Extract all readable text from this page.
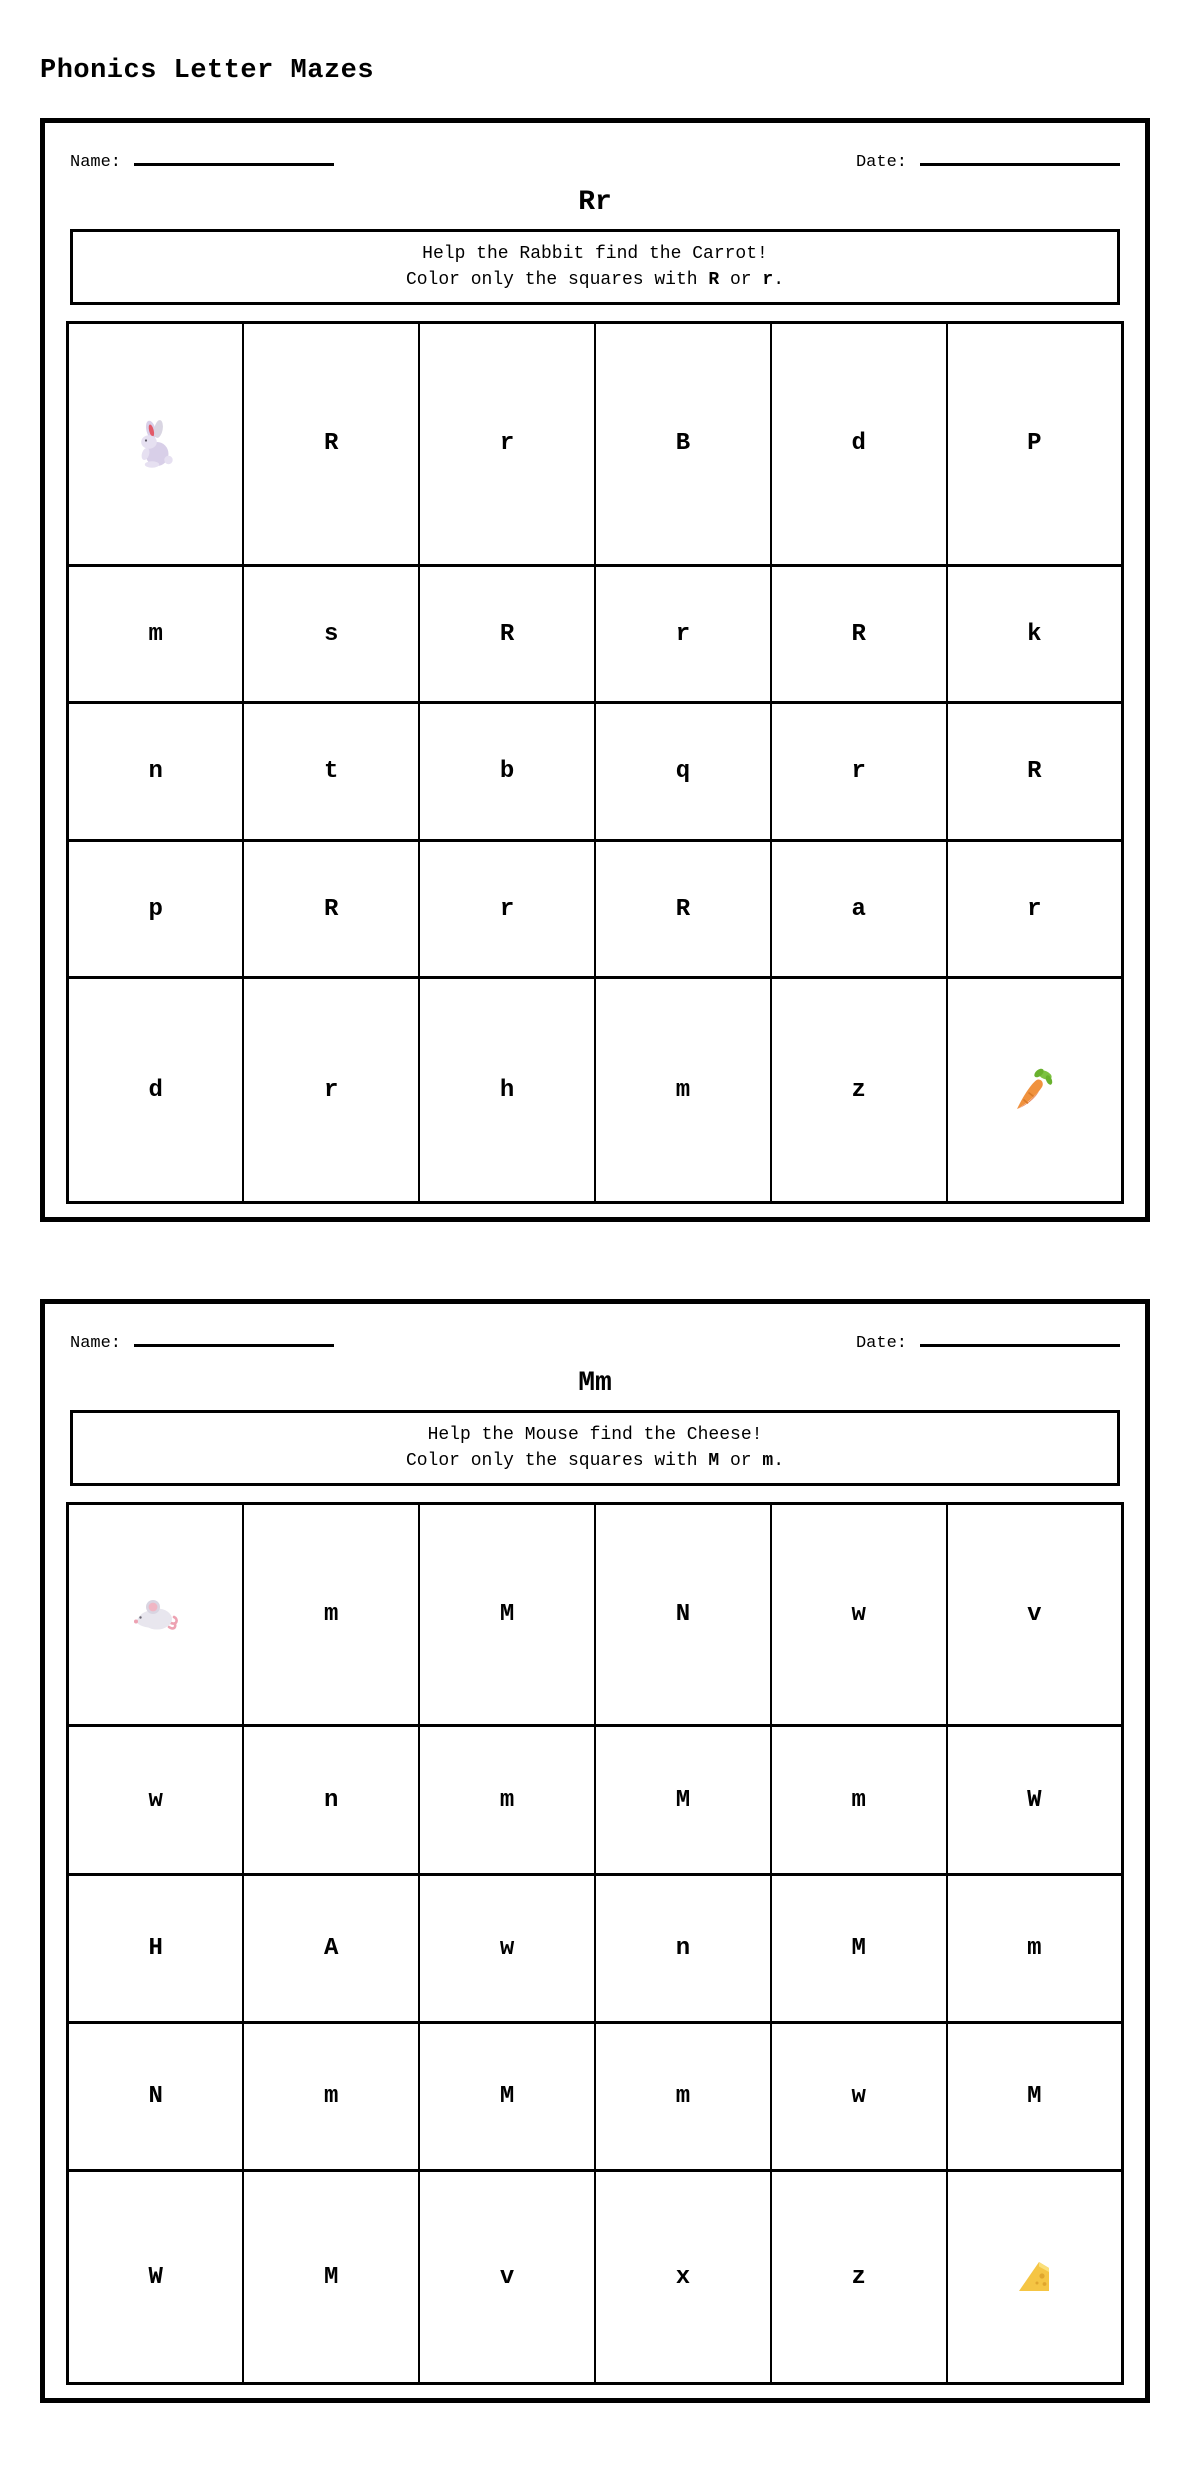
Phonics Letter Mazes
Name:	Date:
Rr
Help the Rabbit find the Carrot!
Color only the squares with R or r.
	R	r	B	d	P
m	s	R	r	R	k
n	t	b	q	r	R
p	R	r	R	a	r
d	r	h	m	z	
Name:	Date:
Mm
Help the Mouse find the Cheese!
Color only the squares with M or m.
	m	M	N	w	v
w	n	m	M	m	W
H	A	w	n	M	m
N	m	M	m	w	M
W	M	v	x	z	
